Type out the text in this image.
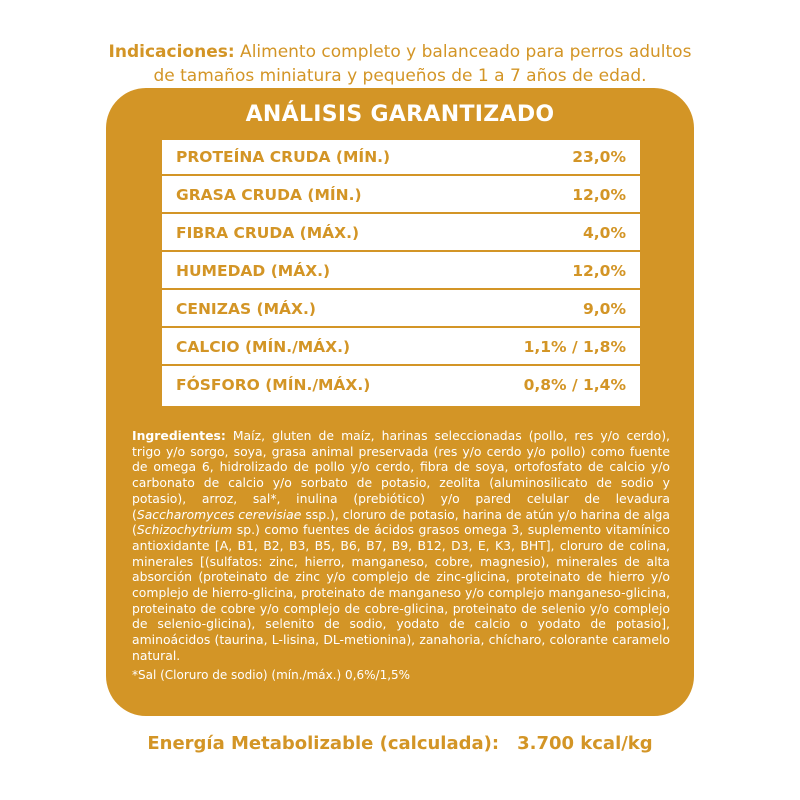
Indicaciones: Alimento completo y balanceado para perros adultos
de tamaños miniatura y pequeños de 1 a 7 años de edad.
ANÁLISIS GARANTIZADO
PROTEÍNA CRUDA (MÍN.)	23,0%
GRASA CRUDA (MÍN.)	12,0%
FIBRA CRUDA (MÁX.)	4,0%
HUMEDAD (MÁX.)	12,0%
CENIZAS (MÁX.)	9,0%
CALCIO (MÍN./MÁX.)	1,1% / 1,8%
FÓSFORO (MÍN./MÁX.)	0,8% / 1,4%
Ingredientes: Maíz, gluten de maíz, harinas seleccionadas (pollo, res y/o cerdo), trigo y/o sorgo, soya, grasa animal preservada (res y/o cerdo y/o pollo) como fuente de omega 6, hidrolizado de pollo y/o cerdo, fibra de soya, ortofosfato de calcio y/o carbonato de calcio y/o sorbato de potasio, zeolita (aluminosilicato de sodio y potasio), arroz, sal*, inulina (prebiótico) y/o pared celular de levadura (Saccharomyces cerevisiae ssp.), cloruro de potasio, harina de atún y/o harina de alga (Schizochytrium sp.) como fuentes de ácidos grasos omega 3, suplemento vitamínico antioxidante [A, B1, B2, B3, B5, B6, B7, B9, B12, D3, E, K3, BHT], cloruro de colina, minerales [(sulfatos: zinc, hierro, manganeso, cobre, magnesio), minerales de alta absorción (proteinato de zinc y/o complejo de zinc-glicina, proteinato de hierro y/o complejo de hierro-glicina, proteinato de manganeso y/o complejo manganeso-glicina, proteinato de cobre y/o complejo de cobre-glicina, proteinato de selenio y/o complejo de selenio-glicina), selenito de sodio, yodato de calcio o yodato de potasio], aminoácidos (taurina, L-lisina, DL-metionina), zanahoria, chícharo, colorante caramelo natural.
*Sal (Cloruro de sodio) (mín./máx.) 0,6%/1,5%
Energía Metabolizable (calculada): 3.700 kcal/kg
